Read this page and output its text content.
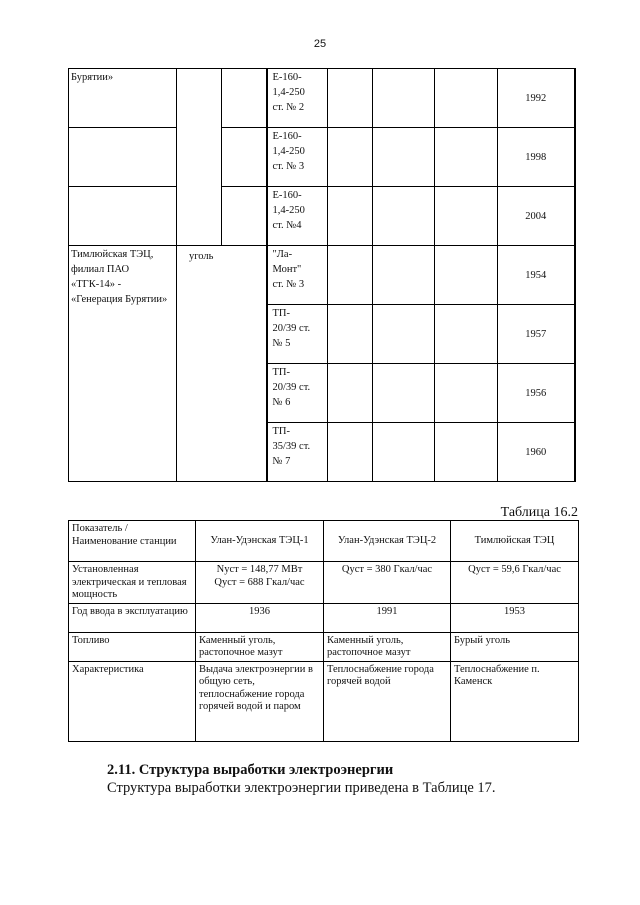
25
Бурятии»			Е-160-
1,4-250
ст. № 2				1992

			Е-160-
1,4-250
ст. № 3				1998

			Е-160-
1,4-250
ст. №4				2004
Тимлюйская ТЭЦ, филиал ПАО «ТГК-14» - «Генерация Бурятии»	уголь		"Ла-
Монт"
ст. № 3				1954

			ТП-
20/39 ст.
№ 5				1957

			ТП-
20/39 ст.
№ 6				1956

			ТП-
35/39 ст.
№ 7				1960
Таблица 16.2
Показатель / Наименование станции	Улан-Удэнская ТЭЦ-1	Улан-Удэнская ТЭЦ-2	Тимлюйская ТЭЦ
Установленная электрическая и тепловая мощность	Nуст = 148,77 МВт
Qуст = 688 Гкал/час	Qуст = 380 Гкал/час	Qуст = 59,6 Гкал/час
Год ввода в эксплуатацию	1936	1991	1953
Топливо	Каменный уголь, растопочное мазут	Каменный уголь, растопочное мазут	Бурый уголь
Характеристика	Выдача электроэнергии в общую сеть, теплоснабжение города горячей водой и паром	Теплоснабжение города горячей водой	Теплоснабжение п. Каменск
2.11. Структура выработки электроэнергии
Структура выработки электроэнергии приведена в Таблице 17.
